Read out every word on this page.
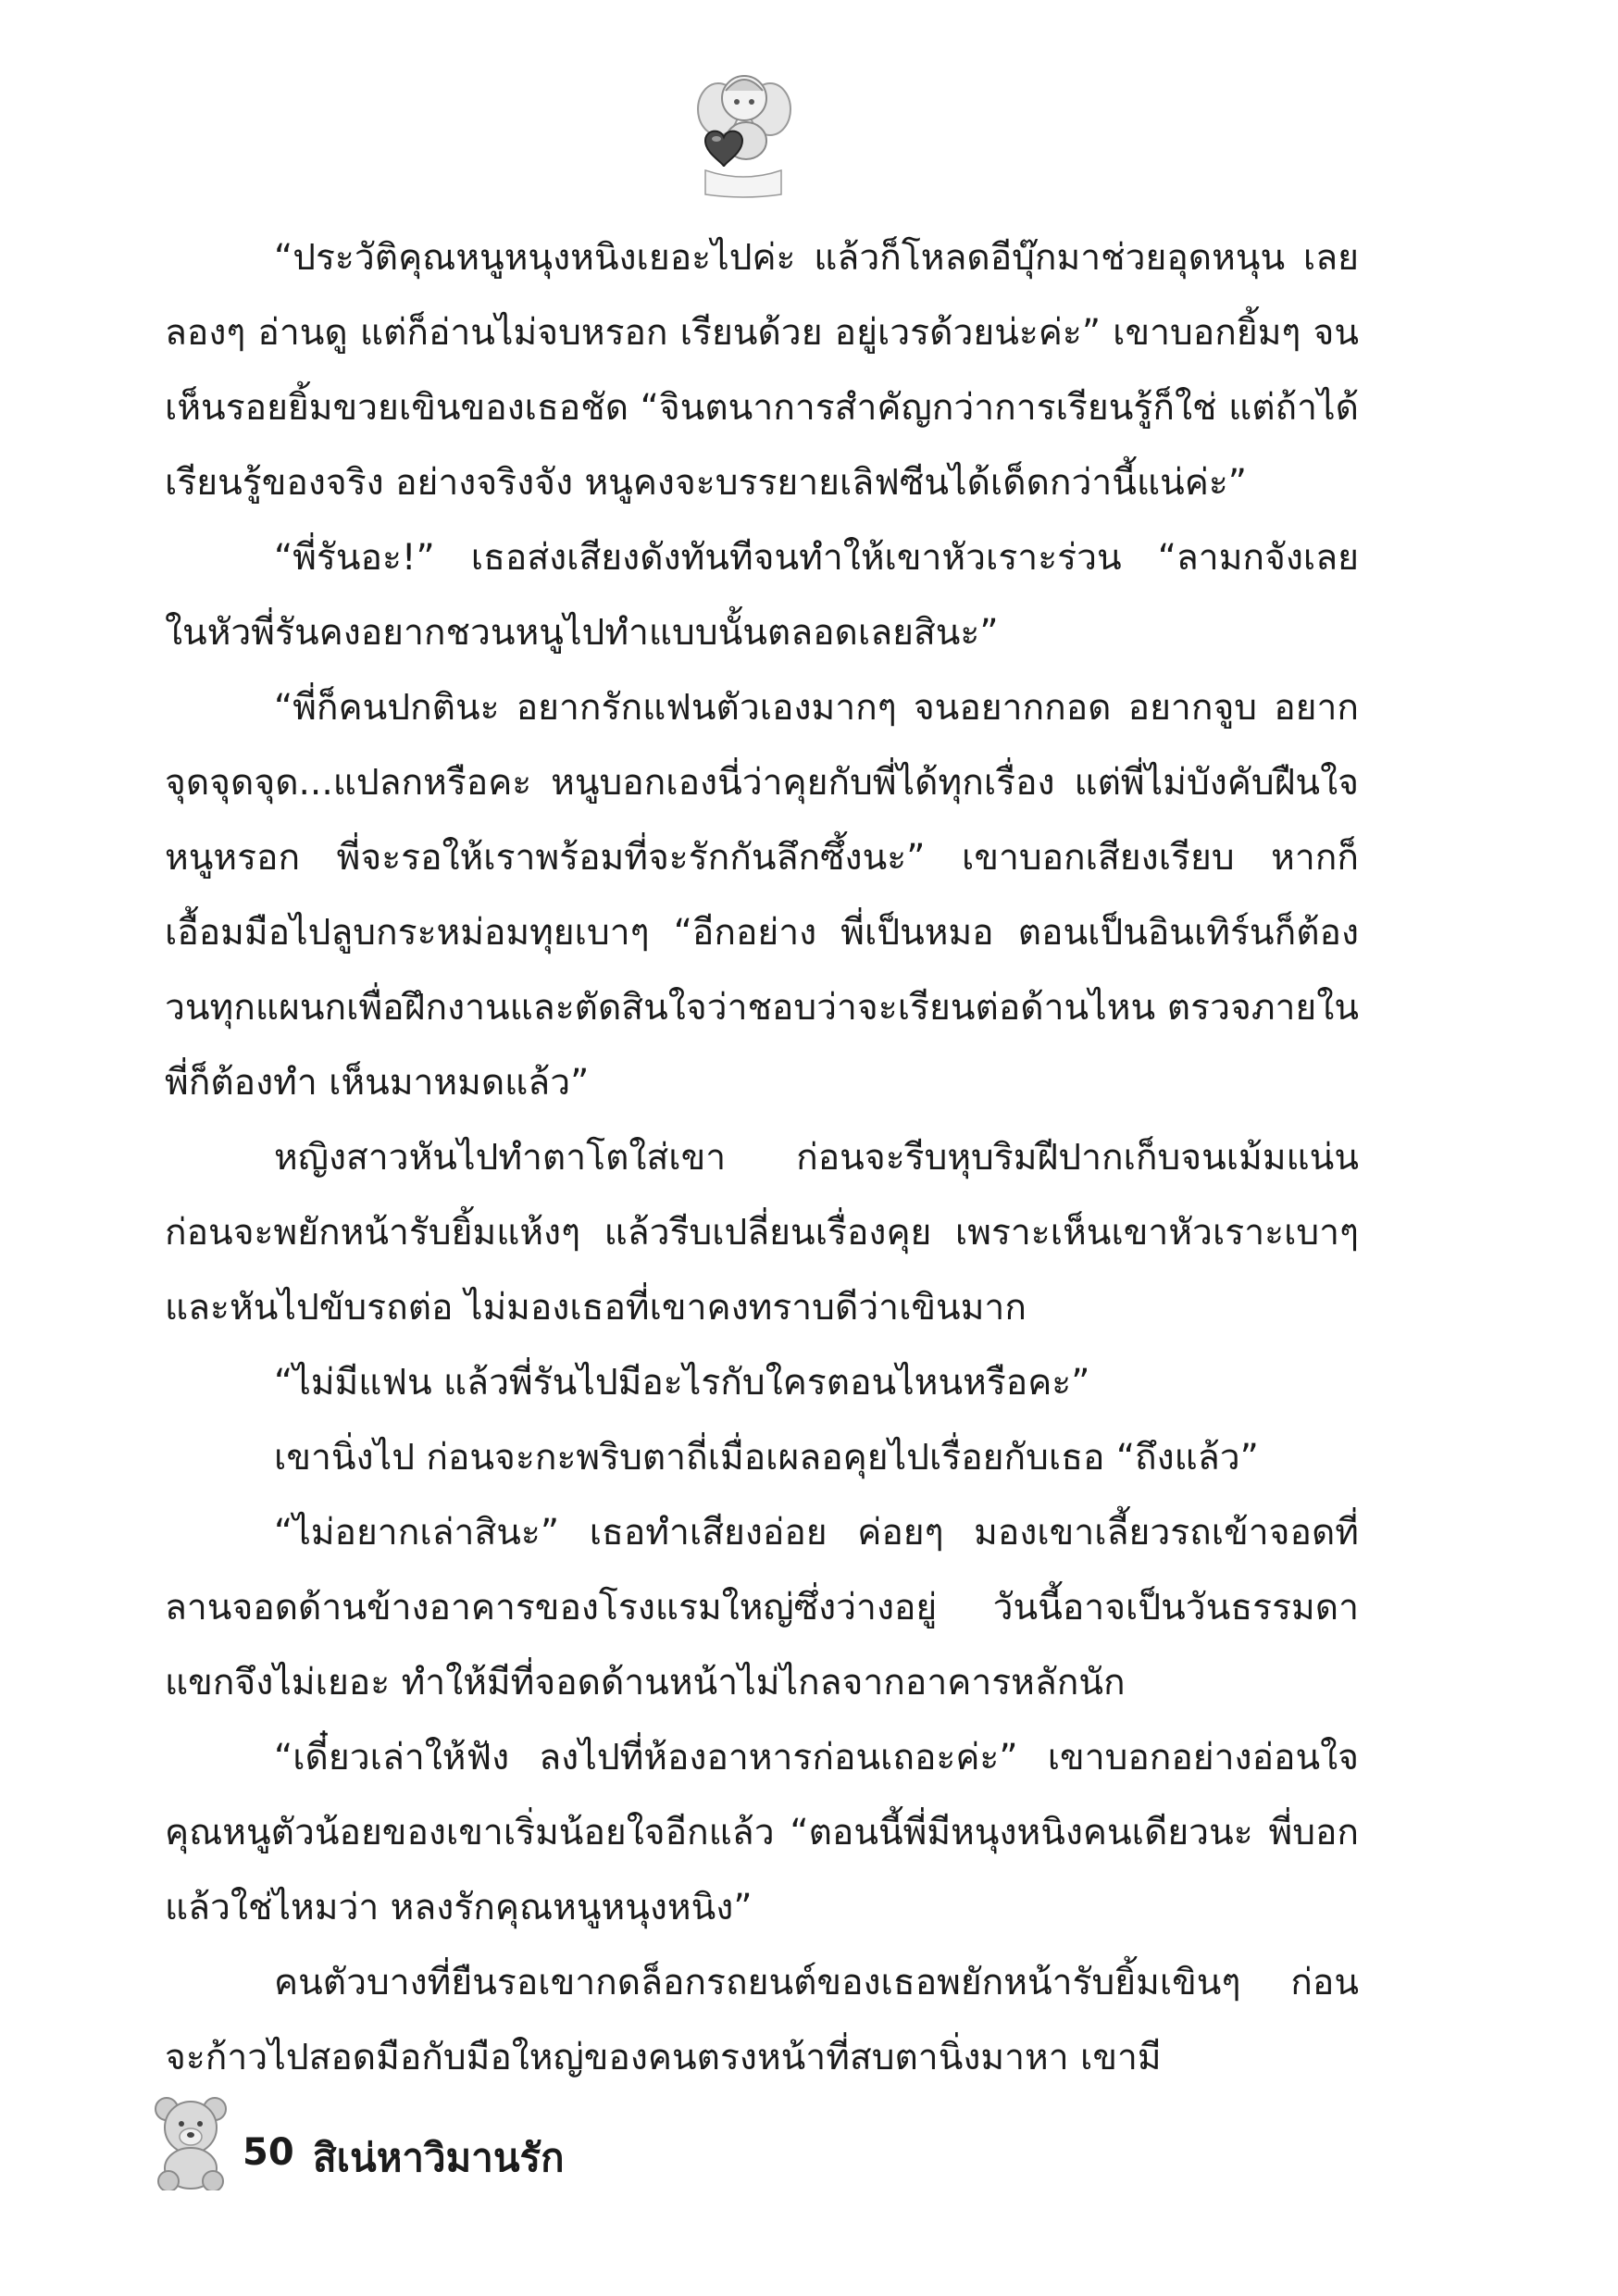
“ประวัติคุณหนูหนุงหนิงเยอะไปค่ะ แล้วก็โหลดอีบุ๊กมาช่วยอุดหนุน เลยลองๆ อ่านดู แต่ก็อ่านไม่จบหรอก เรียนด้วย อยู่เวรด้วยน่ะค่ะ” เขาบอกยิ้มๆ จนเห็นรอยยิ้มขวยเขินของเธอชัด “จินตนาการสำคัญกว่าการเรียนรู้ก็ใช่ แต่ถ้าได้เรียนรู้ของจริง อย่างจริงจัง หนูคงจะบรรยายเลิฟซีนได้เด็ดกว่านี้แน่ค่ะ”

“พี่รันอะ!” เธอส่งเสียงดังทันทีจนทำให้เขาหัวเราะร่วน “ลามกจังเลย ในหัวพี่รันคงอยากชวนหนูไปทำแบบนั้นตลอดเลยสินะ”

“พี่ก็คนปกตินะ อยากรักแฟนตัวเองมากๆ จนอยากกอด อยากจูบ อยากจุดจุดจุด...แปลกหรือคะ หนูบอกเองนี่ว่าคุยกับพี่ได้ทุกเรื่อง แต่พี่ไม่บังคับฝืนใจหนูหรอก พี่จะรอให้เราพร้อมที่จะรักกันลึกซึ้งนะ” เขาบอกเสียงเรียบ หากก็เอื้อมมือไปลูบกระหม่อมทุยเบาๆ “อีกอย่าง พี่เป็นหมอ ตอนเป็นอินเทิร์นก็ต้องวนทุกแผนกเพื่อฝึกงานและตัดสินใจว่าชอบว่าจะเรียนต่อด้านไหน ตรวจภายในพี่ก็ต้องทำ เห็นมาหมดแล้ว”

หญิงสาวหันไปทำตาโตใส่เขา ก่อนจะรีบหุบริมฝีปากเก็บจนเม้มแน่น ก่อนจะพยักหน้ารับยิ้มแห้งๆ แล้วรีบเปลี่ยนเรื่องคุย เพราะเห็นเขาหัวเราะเบาๆ และหันไปขับรถต่อ ไม่มองเธอที่เขาคงทราบดีว่าเขินมาก

“ไม่มีแฟน แล้วพี่รันไปมีอะไรกับใครตอนไหนหรือคะ”

เขานิ่งไป ก่อนจะกะพริบตาถี่เมื่อเผลอคุยไปเรื่อยกับเธอ “ถึงแล้ว”

“ไม่อยากเล่าสินะ” เธอทำเสียงอ่อย ค่อยๆ มองเขาเลี้ยวรถเข้าจอดที่ลานจอดด้านข้างอาคารของโรงแรมใหญ่ซึ่งว่างอยู่ วันนี้อาจเป็นวันธรรมดา แขกจึงไม่เยอะ ทำให้มีที่จอดด้านหน้าไม่ไกลจากอาคารหลักนัก

“เดี๋ยวเล่าให้ฟัง ลงไปที่ห้องอาหารก่อนเถอะค่ะ” เขาบอกอย่างอ่อนใจ คุณหนูตัวน้อยของเขาเริ่มน้อยใจอีกแล้ว “ตอนนี้พี่มีหนุงหนิงคนเดียวนะ พี่บอกแล้วใช่ไหมว่า หลงรักคุณหนูหนุงหนิง”

คนตัวบางที่ยืนรอเขากดล็อกรถยนต์ของเธอพยักหน้ารับยิ้มเขินๆ ก่อนจะก้าวไปสอดมือกับมือใหญ่ของคนตรงหน้าที่สบตานิ่งมาหา เขามี

50 สิเน่หาวิมานรัก
